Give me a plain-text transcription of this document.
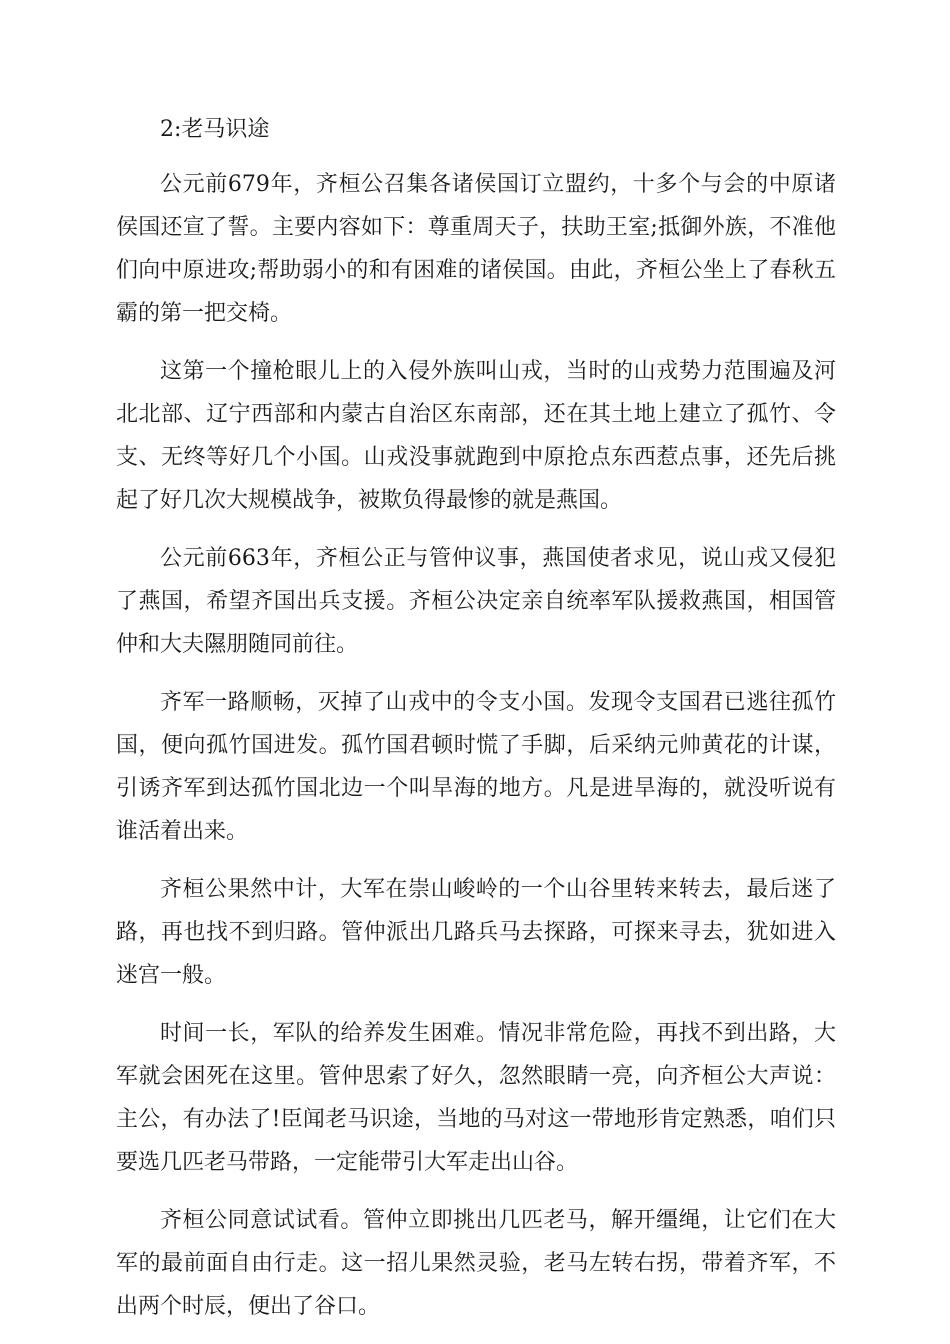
2:老马识途

公元前679年，齐桓公召集各诸侯国订立盟约，十多个与会的中原诸侯国还宣了誓。主要内容如下：尊重周天子，扶助王室;抵御外族，不准他们向中原进攻;帮助弱小的和有困难的诸侯国。由此，齐桓公坐上了春秋五霸的第一把交椅。

这第一个撞枪眼儿上的入侵外族叫山戎，当时的山戎势力范围遍及河北北部、辽宁西部和内蒙古自治区东南部，还在其土地上建立了孤竹、令支、无终等好几个小国。山戎没事就跑到中原抢点东西惹点事，还先后挑起了好几次大规模战争，被欺负得最惨的就是燕国。

公元前663年，齐桓公正与管仲议事，燕国使者求见，说山戎又侵犯了燕国，希望齐国出兵支援。齐桓公决定亲自统率军队援救燕国，相国管仲和大夫隰朋随同前往。

齐军一路顺畅，灭掉了山戎中的令支小国。发现令支国君已逃往孤竹国，便向孤竹国进发。孤竹国君顿时慌了手脚，后采纳元帅黄花的计谋，引诱齐军到达孤竹国北边一个叫旱海的地方。凡是进旱海的，就没听说有谁活着出来。

齐桓公果然中计，大军在崇山峻岭的一个山谷里转来转去，最后迷了路，再也找不到归路。管仲派出几路兵马去探路，可探来寻去，犹如进入迷宫一般。

时间一长，军队的给养发生困难。情况非常危险，再找不到出路，大军就会困死在这里。管仲思索了好久，忽然眼睛一亮，向齐桓公大声说：主公，有办法了!臣闻老马识途，当地的马对这一带地形肯定熟悉，咱们只要选几匹老马带路，一定能带引大军走出山谷。

齐桓公同意试试看。管仲立即挑出几匹老马，解开缰绳，让它们在大军的最前面自由行走。这一招儿果然灵验，老马左转右拐，带着齐军，不出两个时辰，便出了谷口。
